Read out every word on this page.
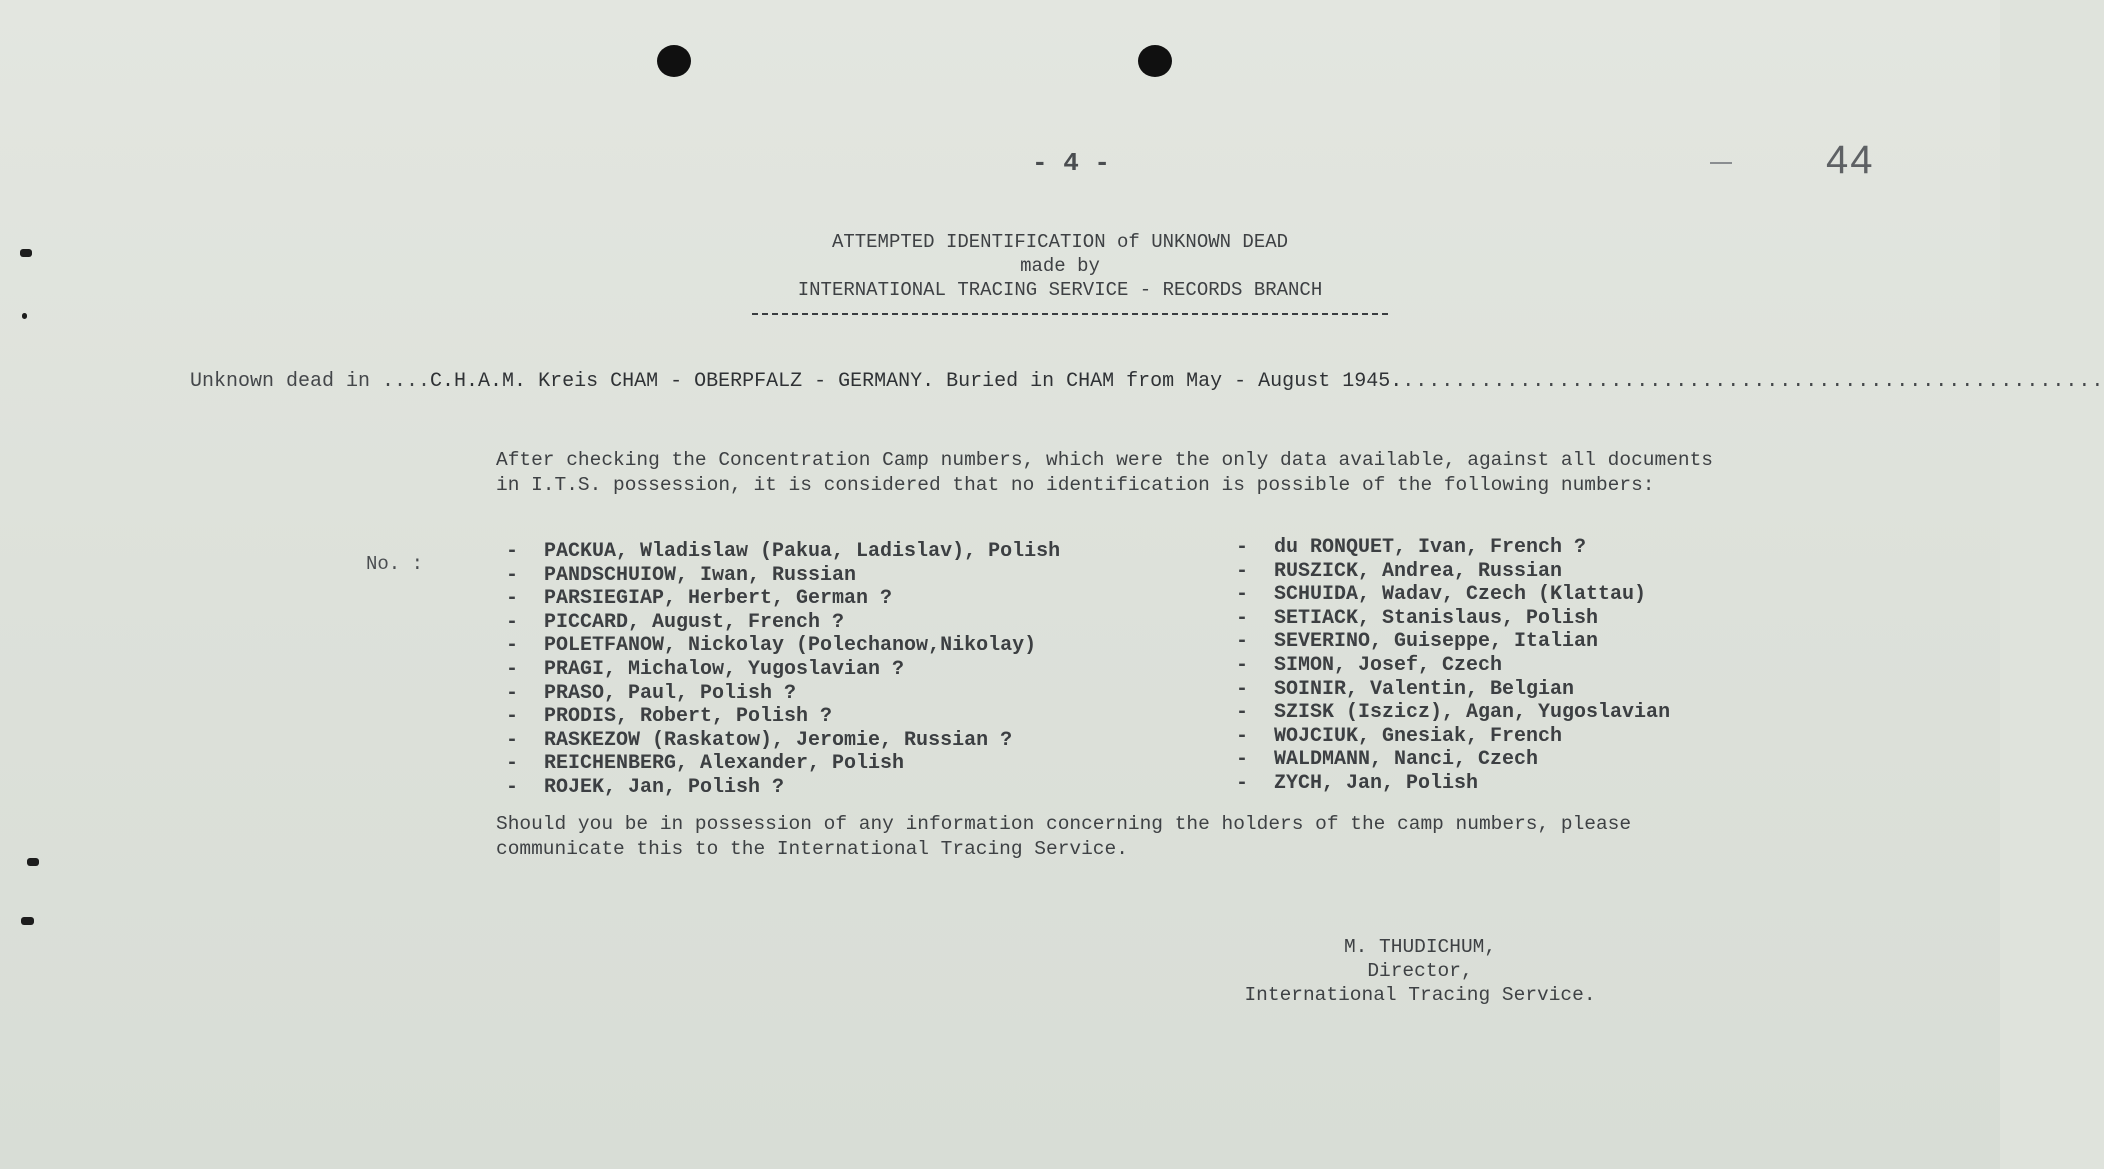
- 4 -	44
ATTEMPTED IDENTIFICATION of UNKNOWN DEAD
made by
INTERNATIONAL TRACING SERVICE - RECORDS BRANCH
Unknown dead in ....C.H.A.M. Kreis CHAM - OBERPFALZ - GERMANY. Buried in CHAM from May - August 1945.......................................................
After checking the Concentration Camp numbers, which were the only data available, against all documents in I.T.S. possession, it is considered that no identification is possible of the following numbers:
No. :
- PACKUA, Wladislaw (Pakua, Ladislav), Polish
- PANDSCHUIOW, Iwan, Russian
- PARSIEGIAP, Herbert, German ?
- PICCARD, August, French ?
- POLETFANOW, Nickolay (Polechanow,Nikolay)
- PRAGI, Michalow, Yugoslavian ?
- PRASO, Paul, Polish ?
- PRODIS, Robert, Polish ?
- RASKEZOW (Raskatow), Jeromie, Russian ?
- REICHENBERG, Alexander, Polish
- ROJEK, Jan, Polish ?
- du RONQUET, Ivan, French ?
- RUSZICK, Andrea, Russian
- SCHUIDA, Wadav, Czech (Klattau)
- SETIACK, Stanislaus, Polish
- SEVERINO, Guiseppe, Italian
- SIMON, Josef, Czech
- SOINIR, Valentin, Belgian
- SZISK (Iszicz), Agan, Yugoslavian
- WOJCIUK, Gnesiak, French
- WALDMANN, Nanci, Czech
- ZYCH, Jan, Polish
Should you be in possession of any information concerning the holders of the camp numbers, please communicate this to the International Tracing Service.
M. THUDICHUM,
Director,
International Tracing Service.
